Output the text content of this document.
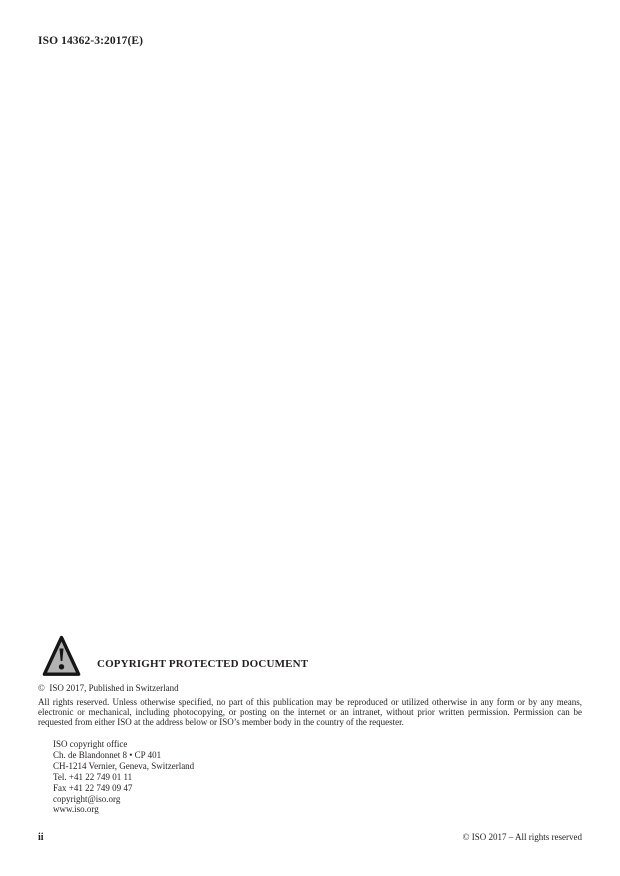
ISO 14362-3:2017(E)
COPYRIGHT PROTECTED DOCUMENT
©  ISO 2017, Published in Switzerland
All rights reserved. Unless otherwise specified, no part of this publication may be reproduced or utilized otherwise in any form or by any means, electronic or mechanical, including photocopying, or posting on the internet or an intranet, without prior written permission. Permission can be requested from either ISO at the address below or ISO’s member body in the country of the requester.
ISO copyright office
Ch. de Blandonnet 8 • CP 401
CH-1214 Vernier, Geneva, Switzerland
Tel. +41 22 749 01 11
Fax +41 22 749 09 47
copyright@iso.org
www.iso.org
ii	© ISO 2017 – All rights reserved
